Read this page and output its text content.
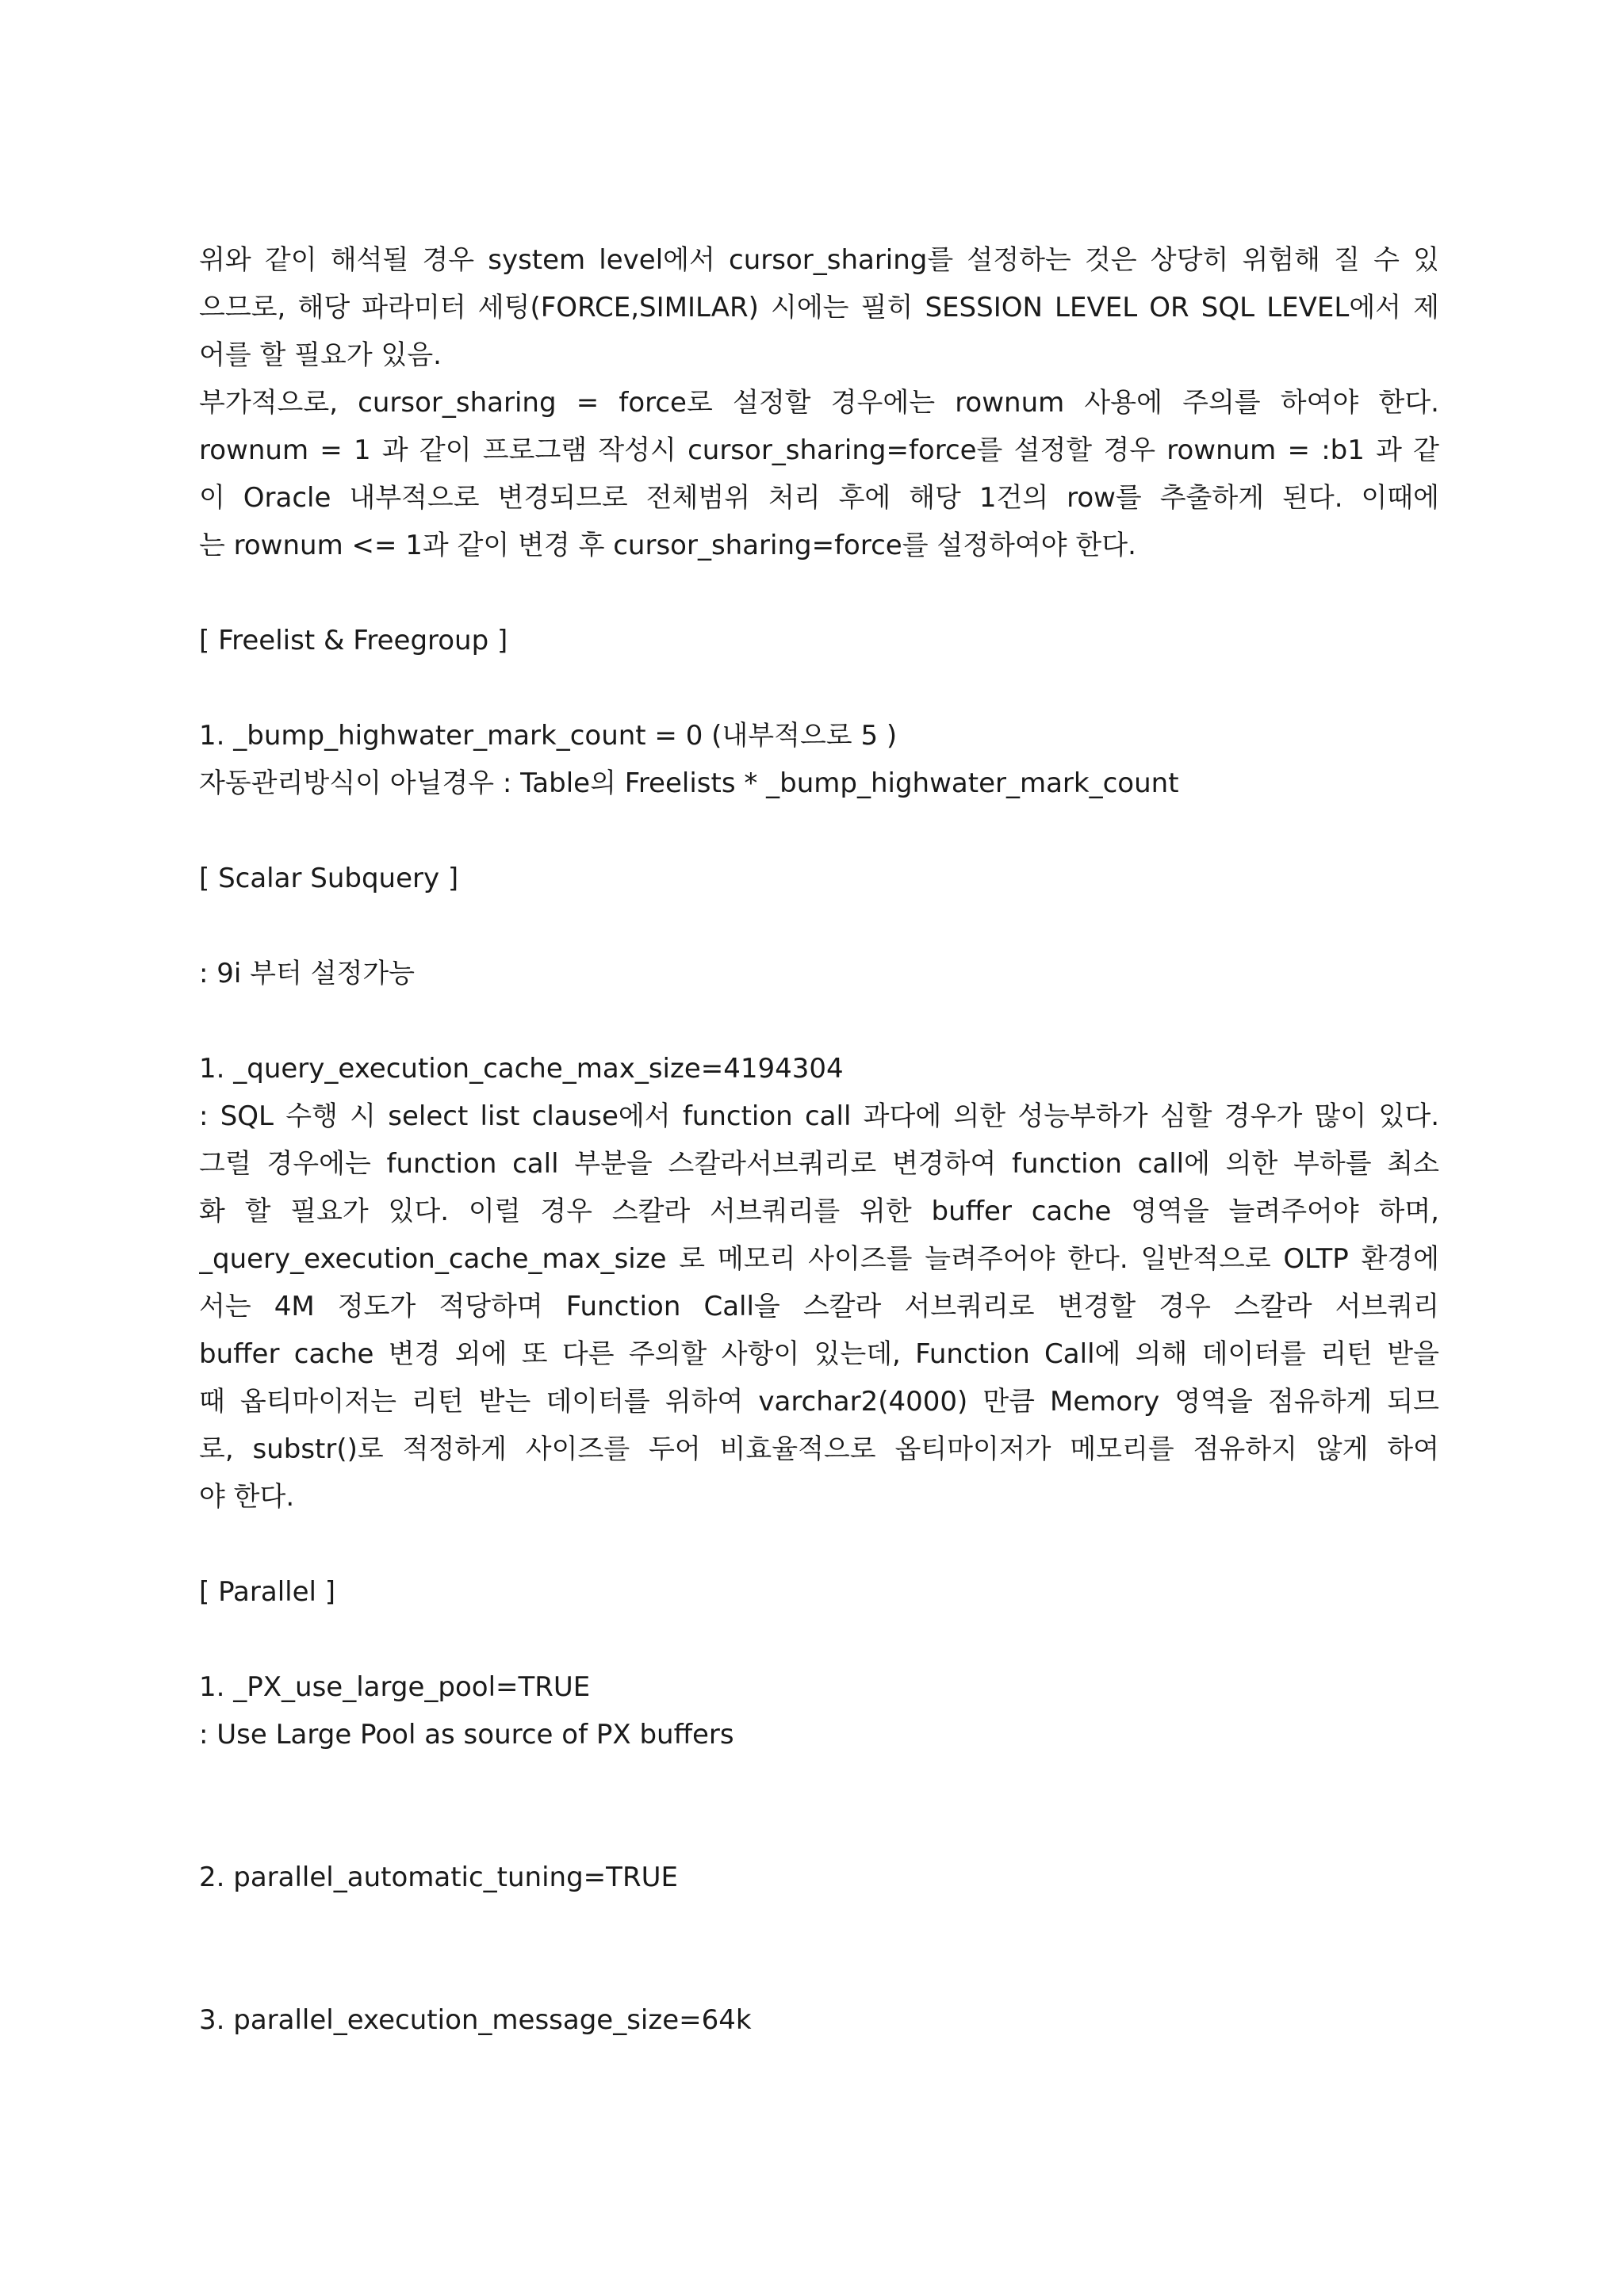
위와 같이 해석될 경우 system level에서 cursor_sharing를 설정하는 것은 상당히 위험해 질 수 있
으므로, 해당 파라미터 세팅(FORCE,SIMILAR) 시에는 필히 SESSION LEVEL OR SQL LEVEL에서 제
어를 할 필요가 있음.
부가적으로, cursor_sharing = force로 설정할 경우에는 rownum 사용에 주의를 하여야 한다.
rownum = 1 과 같이 프로그램 작성시 cursor_sharing=force를 설정할 경우 rownum = :b1 과 같
이 Oracle 내부적으로 변경되므로 전체범위 처리 후에 해당 1건의 row를 추출하게 된다. 이때에
는 rownum <= 1과 같이 변경 후 cursor_sharing=force를 설정하여야 한다.
[ Freelist & Freegroup ]
1. _bump_highwater_mark_count = 0 (내부적으로 5 )
자동관리방식이 아닐경우 : Table의 Freelists * _bump_highwater_mark_count
[ Scalar Subquery ]
: 9i 부터 설정가능
1. _query_execution_cache_max_size=4194304
: SQL 수행 시 select list clause에서 function call 과다에 의한 성능부하가 심할 경우가 많이 있다.
그럴 경우에는 function call 부분을 스칼라서브쿼리로 변경하여 function call에 의한 부하를 최소
화 할 필요가 있다. 이럴 경우 스칼라 서브쿼리를 위한 buffer cache 영역을 늘려주어야 하며,
_query_execution_cache_max_size 로 메모리 사이즈를 늘려주어야 한다. 일반적으로 OLTP 환경에
서는 4M 정도가 적당하며 Function Call을 스칼라 서브쿼리로 변경할 경우 스칼라 서브쿼리
buffer cache 변경 외에 또 다른 주의할 사항이 있는데, Function Call에 의해 데이터를 리턴 받을
때 옵티마이저는 리턴 받는 데이터를 위하여 varchar2(4000) 만큼 Memory 영역을 점유하게 되므
로, substr()로 적정하게 사이즈를 두어 비효율적으로 옵티마이저가 메모리를 점유하지 않게 하여
야 한다.
[ Parallel ]
1. _PX_use_large_pool=TRUE
: Use Large Pool as source of PX buffers
2. parallel_automatic_tuning=TRUE
3. parallel_execution_message_size=64k
